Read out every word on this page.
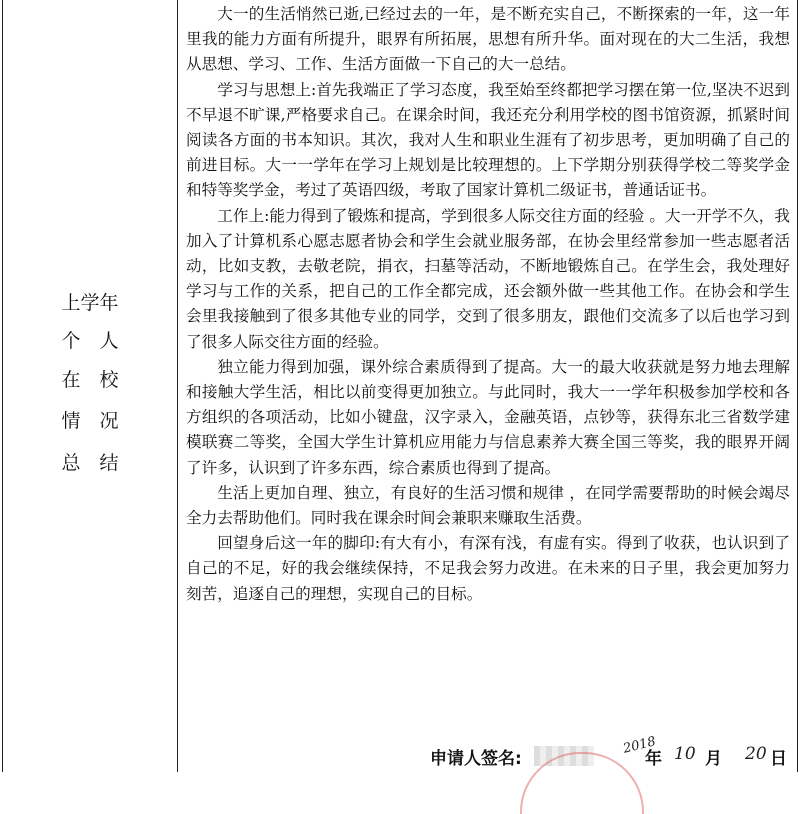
上学年
个　人
在　校
情　况
总　结

大一的生活悄然已逝,已经过去的一年，是不断充实自己，不断探索的一年，这一年里我的能力方面有所提升，眼界有所拓展，思想有所升华。面对现在的大二生活，我想从思想、学习、工作、生活方面做一下自己的大一总结。

学习与思想上:首先我端正了学习态度，我至始至终都把学习摆在第一位,坚决不迟到不早退不旷课,严格要求自己。在课余时间，我还充分利用学校的图书馆资源，抓紧时间阅读各方面的书本知识。其次，我对人生和职业生涯有了初步思考，更加明确了自己的前进目标。大一一学年在学习上规划是比较理想的。上下学期分别获得学校二等奖学金和特等奖学金，考过了英语四级，考取了国家计算机二级证书，普通话证书。

工作上:能力得到了锻炼和提高，学到很多人际交往方面的经验 。大一开学不久，我加入了计算机系心愿志愿者协会和学生会就业服务部，在协会里经常参加一些志愿者活动，比如支教，去敬老院，捐衣，扫墓等活动，不断地锻炼自己。在学生会，我处理好学习与工作的关系，把自己的工作全都完成，还会额外做一些其他工作。在协会和学生会里我接触到了很多其他专业的同学，交到了很多朋友，跟他们交流多了以后也学习到了很多人际交往方面的经验。

独立能力得到加强，课外综合素质得到了提高。大一的最大收获就是努力地去理解和接触大学生活，相比以前变得更加独立。与此同时，我大一一学年积极参加学校和各方组织的各项活动，比如小键盘，汉字录入，金融英语，点钞等，获得东北三省数学建模联赛二等奖，全国大学生计算机应用能力与信息素养大赛全国三等奖，我的眼界开阔了许多，认识到了许多东西，综合素质也得到了提高。

生活上更加自理、独立，有良好的生活习惯和规律 ，在同学需要帮助的时候会竭尽全力去帮助他们。同时我在课余时间会兼职来赚取生活费。

回望身后这一年的脚印:有大有小，有深有浅，有虚有实。得到了收获，也认识到了自己的不足，好的我会继续保持，不足我会努力改进。在未来的日子里，我会更加努力刻苦，追逐自己的理想，实现自己的目标。

申请人签名:
2018
年 10 月 20 日
